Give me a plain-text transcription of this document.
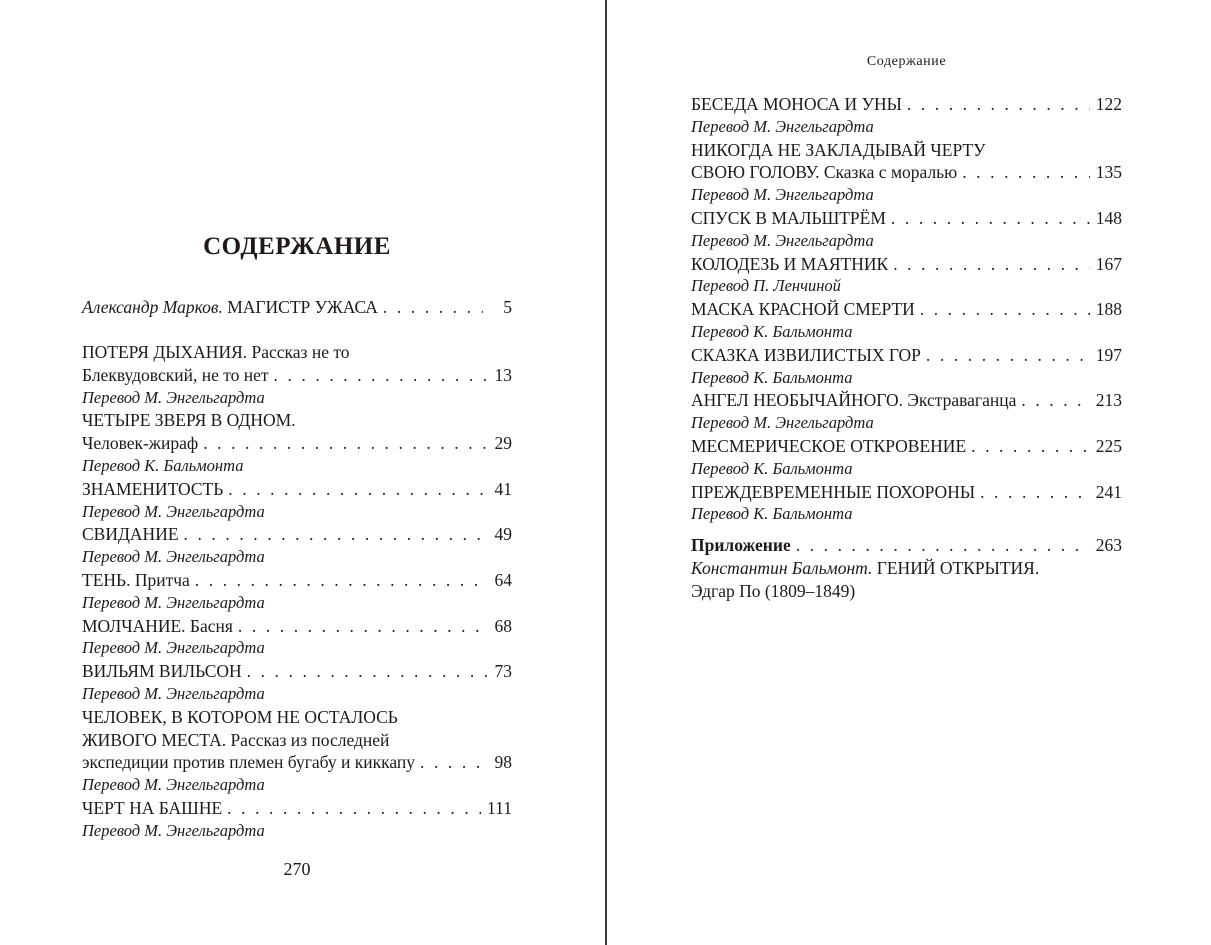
СОДЕРЖАНИЕ
Александр Марков. МАГИСТР УЖАСА . . .	5
ПОТЕРЯ ДЫХАНИЯ. Рассказ не то
Блеквудовский, не то нет . . .	13
Перевод М. Энгельгардта
ЧЕТЫРЕ ЗВЕРЯ В ОДНОМ.
Человек-жираф . . .	29
Перевод К. Бальмонта
ЗНАМЕНИТОСТЬ . . .	41
Перевод М. Энгельгардта
СВИДАНИЕ . . .	49
Перевод М. Энгельгардта
ТЕНЬ. Притча . . .	64
Перевод М. Энгельгардта
МОЛЧАНИЕ. Басня . . .	68
Перевод М. Энгельгардта
ВИЛЬЯМ ВИЛЬСОН . . .	73
Перевод М. Энгельгардта
ЧЕЛОВЕК, В КОТОРОМ НЕ ОСТАЛОСЬ
ЖИВОГО МЕСТА. Рассказ из последней
экспедиции против племен бугабу и киккапу . . .	98
Перевод М. Энгельгардта
ЧЕРТ НА БАШНЕ . . .	111
Перевод М. Энгельгардта
270
Содержание
БЕСЕДА МОНОСА И УНЫ . . .	122
Перевод М. Энгельгардта
НИКОГДА НЕ ЗАКЛАДЫВАЙ ЧЕРТУ
СВОЮ ГОЛОВУ. Сказка с моралью . . .	135
Перевод М. Энгельгардта
СПУСК В МАЛЬШТРЁМ . . .	148
Перевод М. Энгельгардта
КОЛОДЕЗЬ И МАЯТНИК . . .	167
Перевод П. Ленчиной
МАСКА КРАСНОЙ СМЕРТИ . . .	188
Перевод К. Бальмонта
СКАЗКА ИЗВИЛИСТЫХ ГОР . . .	197
Перевод К. Бальмонта
АНГЕЛ НЕОБЫЧАЙНОГО. Экстраваганца . . .	213
Перевод М. Энгельгардта
МЕСМЕРИЧЕСКОЕ ОТКРОВЕНИЕ . . .	225
Перевод К. Бальмонта
ПРЕЖДЕВРЕМЕННЫЕ ПОХОРОНЫ . . .	241
Перевод К. Бальмонта
Приложение . . .	263
Константин Бальмонт. ГЕНИЙ ОТКРЫТИЯ.
Эдгар По (1809–1849)
